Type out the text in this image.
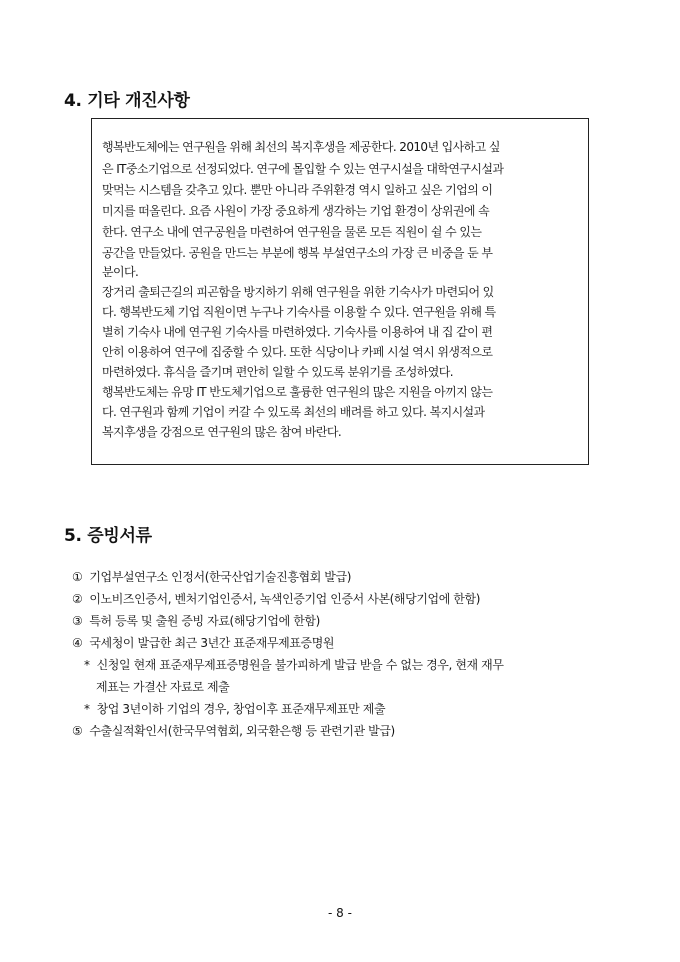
4. 기타 개진사항

행복반도체에는 연구원을 위해 최선의 복지후생을 제공한다. 2010년 입사하고 싶

은 IT중소기업으로 선정되었다. 연구에 몰입할 수 있는 연구시설을 대학연구시설과

맞먹는 시스템을 갖추고 있다. 뿐만 아니라 주위환경 역시 일하고 싶은 기업의 이

미지를 떠올린다. 요즘 사원이 가장 중요하게 생각하는 기업 환경이 상위권에 속

한다. 연구소 내에 연구공원을 마련하여 연구원을 물론 모든 직원이 쉴 수 있는

공간을 만들었다. 공원을 만드는 부분에 행복 부설연구소의 가장 큰 비중을 둔 부

분이다.

장거리 출퇴근길의 피곤함을 방지하기 위해 연구원을 위한 기숙사가 마련되어 있

다. 행복반도체 기업 직원이면 누구나 기숙사를 이용할 수 있다. 연구원을 위해 특

별히 기숙사 내에 연구원 기숙사를 마련하였다. 기숙사를 이용하여 내 집 같이 편

안히 이용하여 연구에 집중할 수 있다. 또한 식당이나 카페 시설 역시 위생적으로

마련하였다. 휴식을 즐기며 편안히 일할 수 있도록 분위기를 조성하였다.

행복반도체는 유망 IT 반도체기업으로 훌륭한 연구원의 많은 지원을 아끼지 않는

다. 연구원과 함께 기업이 커갈 수 있도록 최선의 배려를 하고 있다. 복지시설과

복지후생을 강점으로 연구원의 많은 참여 바란다.

5. 증빙서류

① 기업부설연구소 인정서(한국산업기술진흥협회 발급)

② 이노비즈인증서, 벤처기업인증서, 녹색인증기업 인증서 사본(해당기업에 한함)

③ 특허 등록 및 출원 증빙 자료(해당기업에 한함)

④ 국세청이 발급한 최근 3년간 표준재무제표증명원

* 신청일 현재 표준재무제표증명원을 불가피하게 발급 받을 수 없는 경우, 현재 재무

제표는 가결산 자료로 제출

* 창업 3년이하 기업의 경우, 창업이후 표준재무제표만 제출

⑤ 수출실적확인서(한국무역협회, 외국환은행 등 관련기관 발급)

- 8 -
